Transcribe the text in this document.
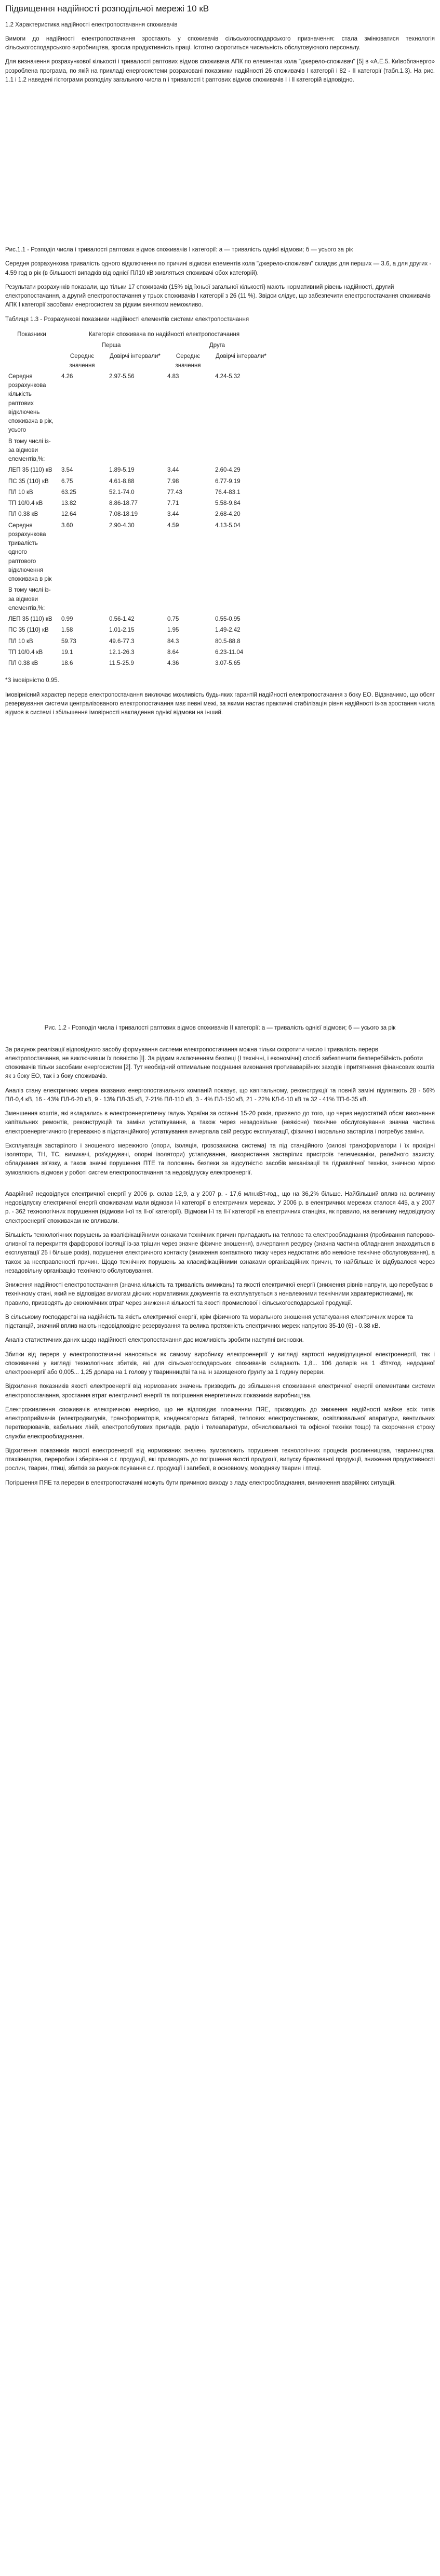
Підвищення надійності розподільчої мережі 10 кВ
1.2 Характеристика надійності електропостачання споживачів

Вимоги до надійності електропостачання зростають у споживачів сільськогосподарського призначення: стала змінюватися технологія сільськогосподарського виробництва, зросла продуктивність праці. Істотно скоротиться чисельність обслуговуючого персоналу.

Для визначення розрахункової кількості і тривалості раптових відмов споживача АПК по елементах кола "джерело-споживач" [5] в «А.Е.5. Київоблэнерго» розроблена програма, по якій на прикладі енергосистеми розраховані показники надійності 26 споживачів I категорії і 82 - II категорії (табл.1.3). На рис. 1.1 і 1.2 наведені гістограми розподілу загального числа n і тривалості t раптових відмов споживачів I і II категорій відповідно.

Рис.1.1 - Розподіл числа і тривалості раптових відмов споживачів I категорії: а — тривалість однієї відмови; б — усього за рік

Середня розрахункова тривалість одного відключення по причині відмови елементів кола "джерело-споживач" складає для перших — 3.6, а для других - 4.59 год в рік (в більшості випадків від однієї ПЛ10 кВ живляться споживачі обох категорій).

Результати розрахунків показали, що тільки 17 споживачів (15% від їхньої загальної кількості) мають нормативний рівень надійності, другий електропостачання, а другий електропостачання у трьох споживачів I категорії з 26 (11 %). Звідси слідує, що забезпечити електропостачання споживачів АПК I категорії засобами енергосистем за рідким винятком неможливо.

Таблиця 1.3 - Розрахункові показники надійності елементів системи електропостачання

Показники	Категорія споживача по надійності електропостачання			
	Перша		Друга	
	Середнє значення	Довірчі інтервали*	Середнє значення	Довірчі інтервали*
Середня розрахункова кількість раптових відключень споживача в рік, усього	4.26	2.97-5.56	4.83	4.24-5.32
В тому числі із-за відмови елементів,%:				
ЛЕП 35 (110) кВ	3.54	1.89-5.19	3.44	2.60-4.29
ПС 35 (110) кВ	6.75	4.61-8.88	7.98	6.77-9.19
ПЛ 10 кВ	63.25	52.1-74.0	77.43	76.4-83.1
ТП 10/0.4 кВ	13.82	8.86-18.77	7.71	5.58-9.84
ПЛ 0.38 кВ	12.64	7.08-18.19	3.44	2.68-4.20
Середня розрахункова тривалість одного раптового відключення споживача в рік	3.60	2.90-4.30	4.59	4.13-5.04
В тому числі із-за відмови елементів,%:				
ЛЕП 35 (110) кВ	0.99	0.56-1.42	0.75	0.55-0.95
ПС 35 (110) кВ	1.58	1.01-2.15	1.95	1.49-2.42
ПЛ 10 кВ	59.73	49.6-77.3	84.3	80.5-88.8
ТП 10/0.4 кВ	19.1	12.1-26.3	8.64	6.23-11.04
ПЛ 0.38 кВ	18.6	11.5-25.9	4.36	3.07-5.65

*З імовірністю 0.95.

Імовірнісний характер перерв електропостачання виключає можливість будь-яких гарантій надійності електропостачання з боку ЕО. Відзначимо, що обсяг резервування системи централізованого електропостачання має певні межі, за якими настає практичні стабілізація рівня надійності із-за зростання числа відмов в системі і збільшення імовірності накладення однієї відмови на інший.

Рис. 1.2 - Розподіл числа і тривалості раптових відмов споживачів II категорії: а — тривалість однієї відмови; б — усього за рік

За рахунок реалізації відповідного засобу формування системи електропостачання можна тільки скоротити число і тривалість перерв електропостачання, не виключивши їх повністю [I]. За рідким виключенням безпеці (І технічні, і економічні) спосіб забезпечити безперебійність роботи споживачів тільки засобами енергосистем [2]. Тут необхідний оптимальне поєднання виконання противаварійних заходів і притягнення фінансових коштів як з боку ЕО, так і з боку споживачів.

Аналіз стану електричних мереж вказаних енергопостачальних компаній показує, що капітальному, реконструкції та повній заміні підлягають 28 - 56% ПЛ-0,4 кВ, 16 - 43% ПЛ-6-20 кВ, 9 - 13% ПЛ-35 кВ, 7-21% ПЛ-110 кВ, 3 - 4% ПЛ-150 кВ, 21 - 22% КЛ-6-10 кВ та 32 - 41% ТП-6-35 кВ.

Зменшення коштів, які вкладались в електроенергетичну галузь України за останні 15-20 років, призвело до того, що через недостатній обсяг виконання капітальних ремонтів, реконструкцій та заміни устаткування, а також через незадовільне (неякісне) технічне обслуговування значна частина електроенергетичного (переважно в підстанційного) устаткування вичерпала свій ресурс експлуатації, фізично і морально застаріла і потребує заміни.

Експлуатація застарілого і зношеного мережного (опори, ізоляція, грозозахисна система) та під станційного (силові трансформатори і їх прохідні ізолятори, ТН, ТС, вимикачі, роз'єднувачі, опорні ізолятори) устаткування, використання застарілих пристроїв телемеханіки, релейного захисту, обладнання зв'язку, а також значні порушення ПТЕ та положень безпеки за відсутністю засобів механізації та гідравлічної техніки, значною мірою зумовлюють відмови у роботі систем електропостачання та недовідпуску електроенергії.

Аварійний недовідпуск електричної енергії у 2006 р. склав 12,9, а у 2007 р. - 17,6 млн.кВт-год., що на 36,2% більше. Найбільший вплив на величину недовідпуску електричної енергії споживачам мали відмови I-ї категорії в електричних мережах. У 2006 р. в електричних мережах сталося 445, а у 2007 р. - 362 технологічних порушення (відмови I-ої та II-ої категорії). Відмови I-ї та II-ї категорії на електричних станціях, як правило, на величину недовідпуску електроенергії споживачам не впливали.

Більшість технологічних порушень за кваліфікаційними ознаками технічних причин припадають на теплове та електрообладнання (пробивання паперово-оливної та перекриття фарфорової ізоляції із-за тріщин через значне фізичне зношення), вичерпання ресурсу (значна частина обладнання знаходиться в експлуатації 25 і більше років), порушення електричного контакту (зниження контактного тиску через недостатнє або неякісне технічне обслуговування), а також за несправленості причин. Щодо технічних порушень за класифікаційними ознаками організаційних причин, то найбільше їх відбувалося через незадовільну організацію технічного обслуговування.

Зниження надійності електропостачання (значна кількість та тривалість вимикань) та якості електричної енергії (зниження рівнів напруги, що перебуває в технічному стані, який не відповідає вимогам діючих нормативних документів та експлуатується з неналежними технічними характеристиками), як правило, призводять до економічних втрат через зниження кількості та якості промислової і сільськогосподарської продукції.

В сільському господарстві на надійність та якість електричної енергії, крім фізичного та морального зношення устаткування електричних мереж та підстанцій, значний вплив мають недовідповідне резервування та велика протяжність електричних мереж напругою 35-10 (6) - 0.38 кВ.

Аналіз статистичних даних щодо надійності електропостачання дає можливість зробити наступні висновки.

Збитки від перерв у електропостачанні наносяться як самому виробнику електроенергії у вигляді вартості недовідпущеної електроенергії, так і споживачеві у вигляді технологічних збитків, які для сільськогосподарських споживачів складають 1,8... 106 доларів на 1 кВт×год. недоданої електроенергії або 0,005... 1,25 долара на 1 голову у тваринництві та на ін захищеного ґрунту за 1 годину перерви.

Відхилення показників якості електроенергії від нормованих значень призводить до збільшення споживання електричної енергії елементами системи електропостачання, зростання втрат електричної енергії та погіршення енергетичних показників виробництва.

Електроживлення споживачів електричною енергією, що не відповідає пложенням ПЯЕ, призводить до зниження надійності майже всіх типів електроприймачів (електродвигунів, трансформаторів, конденсаторних батарей, теплових електроустановок, освітлювальної апаратури, вентильних перетворювачів, кабельних ліній, електропобутових приладів, радіо і телеапаратури, обчислювальної та офісної техніки тощо) та скорочення строку служби електрообладнання.

Відхилення показників якості електроенергії від нормованих значень зумовлюють порушення технологічних процесів рослинництва, тваринництва, птахівництва, переробки і зберігання с.г. продукції, які призводять до погіршення якості продукції, випуску бракованої продукції, зниження продуктивності рослин, тварин, птиці, збитків за рахунок псування с.г. продукції і загибелі, в основному, молодняку тварин і птиці.

Погіршення ПЯЕ та перерви в електропостачанні можуть бути причиною виходу з ладу електрообладнання, виникнення аварійних ситуацій.
